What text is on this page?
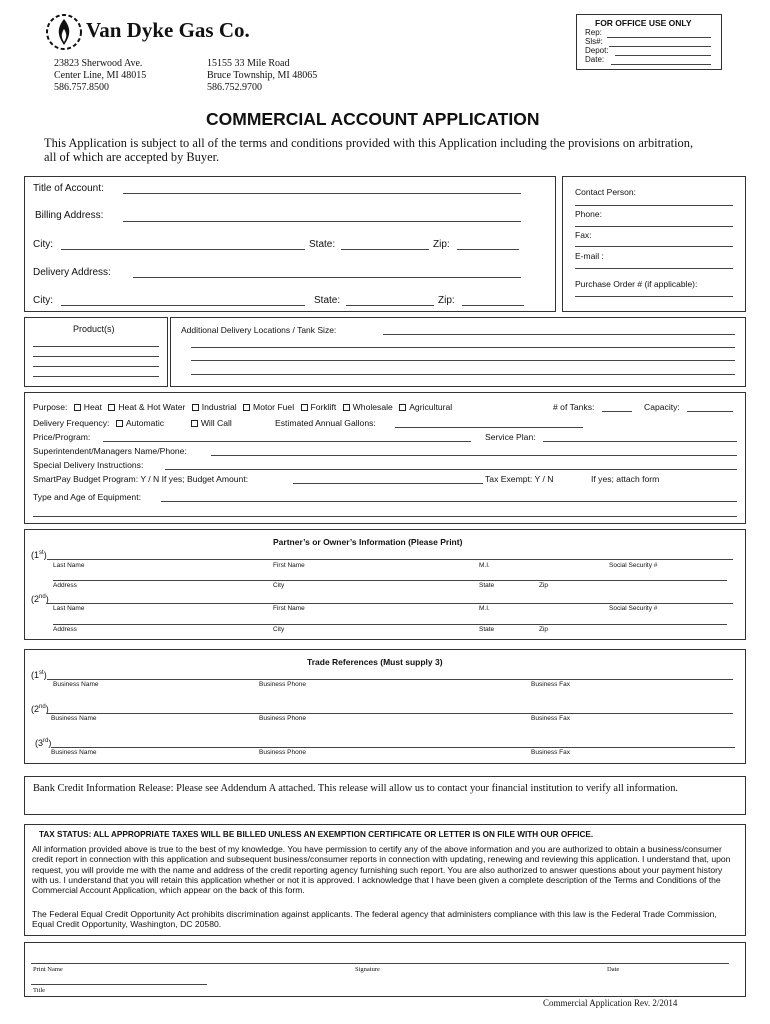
Van Dyke Gas Co.
23823 Sherwood Ave.
Center Line, MI 48015
586.757.8500
15155 33 Mile Road
Bruce Township, MI 48065
586.752.9700
FOR OFFICE USE ONLY
Rep:
Sls#:
Depot:
Date:
COMMERCIAL ACCOUNT APPLICATION
This Application is subject to all of the terms and conditions provided with this Application including the provisions on arbitration, all of which are accepted by Buyer.
Title of Account:
Billing Address:
City:	State:	Zip:
Delivery Address:
City:	State:	Zip:
Contact Person:
Phone:
Fax:
E-mail :
Purchase Order # (if applicable):
Product(s)	Additional Delivery Locations / Tank Size:
Purpose: Heat Heat & Hot Water Industrial Motor Fuel Forklift Wholesale Agricultural	# of Tanks:	Capacity:
Delivery Frequency: Automatic	Will Call	Estimated Annual Gallons:
Price/Program:	Service Plan:
Superintendent/Managers Name/Phone:
Special Delivery Instructions:
SmartPay Budget Program: Y / N If yes; Budget Amount:	Tax Exempt: Y / N	If yes; attach form
Type and Age of Equipment:
Partner’s or Owner’s Information (Please Print)
(1st)
Last Name	First Name	M.I.	Social Security #
Address	City	State	Zip
(2nd)
Last Name	First Name	M.I.	Social Security #
Address	City	State	Zip
Trade References (Must supply 3)
(1st)
Business Name	Business Phone	Business Fax
(2nd)
Business Name	Business Phone	Business Fax
(3rd)
Business Name	Business Phone	Business Fax
Bank Credit Information Release: Please see Addendum A attached. This release will allow us to contact your financial institution to verify all information.
TAX STATUS: ALL APPROPRIATE TAXES WILL BE BILLED UNLESS AN EXEMPTION CERTIFICATE OR LETTER IS ON FILE WITH OUR OFFICE.
All information provided above is true to the best of my knowledge. You have permission to certify any of the above information and you are authorized to obtain a business/consumer credit report in connection with this application and subsequent business/consumer reports in connection with updating, renewing and reviewing this application. I understand that, upon request, you will provide me with the name and address of the credit reporting agency furnishing such report. You are also authorized to answer questions about your payment history with us. I understand that you will retain this application whether or not it is approved. I acknowledge that I have been given a complete description of the Terms and Conditions of the Commercial Account Application, which appear on the back of this form.
The Federal Equal Credit Opportunity Act prohibits discrimination against applicants. The federal agency that administers compliance with this law is the Federal Trade Commission, Equal Credit Opportunity, Washington, DC 20580.
Print Name	Signature	Date
Title
Commercial Application Rev. 2/2014
